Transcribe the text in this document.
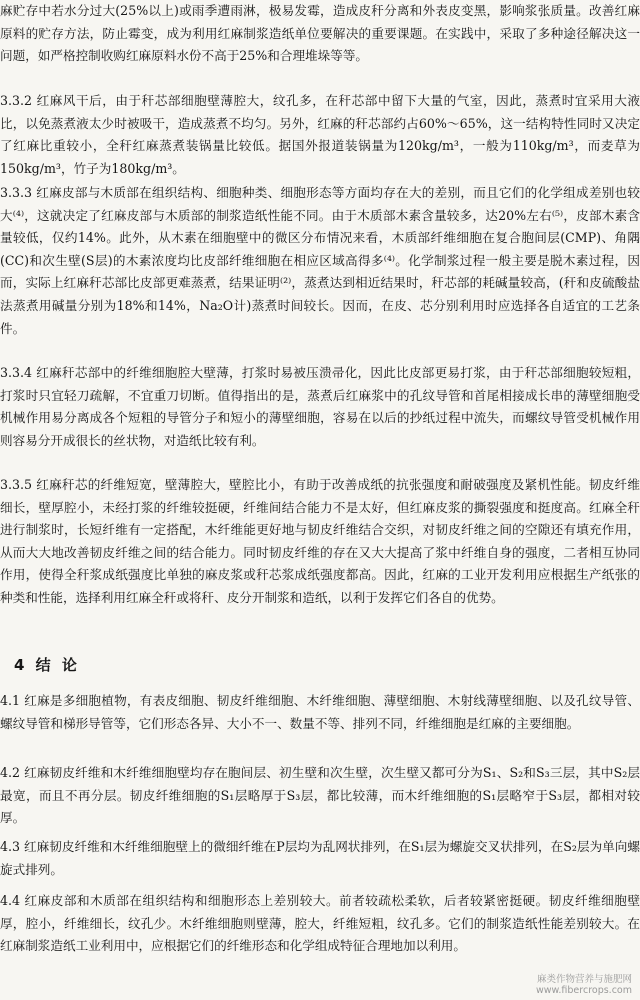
麻贮存中若水分过大(25%以上)或雨季遭雨淋，极易发霉，造成皮秆分离和外表皮变黑，影响浆张质量。改善红麻原料的贮存方法，防止霉变，成为利用红麻制浆造纸单位要解决的重要课题。在实践中，采取了多种途径解决这一问题，如严格控制收购红麻原料水份不高于25%和合理堆垛等等。

3.3.2 红麻风干后，由于秆芯部细胞壁薄腔大，纹孔多，在秆芯部中留下大量的气室，因此，蒸煮时宜采用大液比，以免蒸煮液太少时被吸干，造成蒸煮不均匀。另外，红麻的秆芯部约占60%～65%，这一结构特性同时又决定了红麻比重较小，全秆红麻蒸煮装锅量比较低。据国外报道装锅量为120kg/m³，一般为110kg/m³，而麦草为150kg/m³，竹子为180kg/m³。

3.3.3 红麻皮部与木质部在组织结构、细胞种类、细胞形态等方面均存在大的差别，而且它们的化学组成差别也较大⁽⁴⁾，这就决定了红麻皮部与木质部的制浆造纸性能不同。由于木质部木素含量较多，达20%左右⁽⁵⁾，皮部木素含量较低，仅约14%。此外，从木素在细胞壁中的微区分布情况来看，木质部纤维细胞在复合胞间层(CMP)、角隅(CC)和次生壁(S层)的木素浓度均比皮部纤维细胞在相应区域高得多⁽⁴⁾。化学制浆过程一般主要是脱木素过程，因而，实际上红麻秆芯部比皮部更难蒸煮，结果证明⁽²⁾，蒸煮达到相近结果时，秆芯部的耗碱量较高，(秆和皮硫酸盐法蒸煮用碱量分别为18%和14%，Na₂O计)蒸煮时间较长。因而，在皮、芯分别利用时应选择各自适宜的工艺条件。

3.3.4 红麻秆芯部中的纤维细胞腔大壁薄，打浆时易被压溃帚化，因此比皮部更易打浆，由于秆芯部细胞较短粗，打浆时只宜轻刀疏解，不宜重刀切断。值得指出的是，蒸煮后红麻浆中的孔纹导管和首尾相接成长串的薄壁细胞受机械作用易分离成各个短粗的导管分子和短小的薄壁细胞，容易在以后的抄纸过程中流失，而螺纹导管受机械作用则容易分开成很长的丝状物，对造纸比较有利。

3.3.5 红麻秆芯的纤维短宽，壁薄腔大，壁腔比小，有助于改善成纸的抗张强度和耐破强度及紧机性能。韧皮纤维细长，壁厚腔小，未经打浆的纤维较挺硬，纤维间结合能力不是太好，但红麻皮浆的撕裂强度和挺度高。红麻全秆进行制浆时，长短纤维有一定搭配，木纤维能更好地与韧皮纤维结合交织，对韧皮纤维之间的空隙还有填充作用，从而大大地改善韧皮纤维之间的结合能力。同时韧皮纤维的存在又大大提高了浆中纤维自身的强度，二者相互协同作用，使得全秆浆成纸强度比单独的麻皮浆或秆芯浆成纸强度都高。因此，红麻的工业开发利用应根据生产纸张的种类和性能，选择利用红麻全秆或将秆、皮分开制浆和造纸，以利于发挥它们各自的优势。

4 结 论

4.1 红麻是多细胞植物，有表皮细胞、韧皮纤维细胞、木纤维细胞、薄壁细胞、木射线薄壁细胞、以及孔纹导管、螺纹导管和梯形导管等，它们形态各异、大小不一、数量不等、排列不同，纤维细胞是红麻的主要细胞。

4.2 红麻韧皮纤维和木纤维细胞壁均存在胞间层、初生壁和次生壁，次生壁又都可分为S₁、S₂和S₃三层，其中S₂层最宽，而且不再分层。韧皮纤维细胞的S₁层略厚于S₃层，都比较薄，而木纤维细胞的S₁层略窄于S₃层，都相对较厚。

4.3 红麻韧皮纤维和木纤维细胞壁上的微细纤维在P层均为乱网状排列，在S₁层为螺旋交叉状排列，在S₂层为单向螺旋式排列。

4.4 红麻皮部和木质部在组织结构和细胞形态上差别较大。前者较疏松柔软，后者较紧密挺硬。韧皮纤维细胞壁厚，腔小，纤维细长，纹孔少。木纤维细胞则壁薄，腔大，纤维短粗，纹孔多。它们的制浆造纸性能差别较大。在红麻制浆造纸工业利用中，应根据它们的纤维形态和化学组成特征合理地加以利用。

麻类作物营养与施肥网
www.fibercrops.com
